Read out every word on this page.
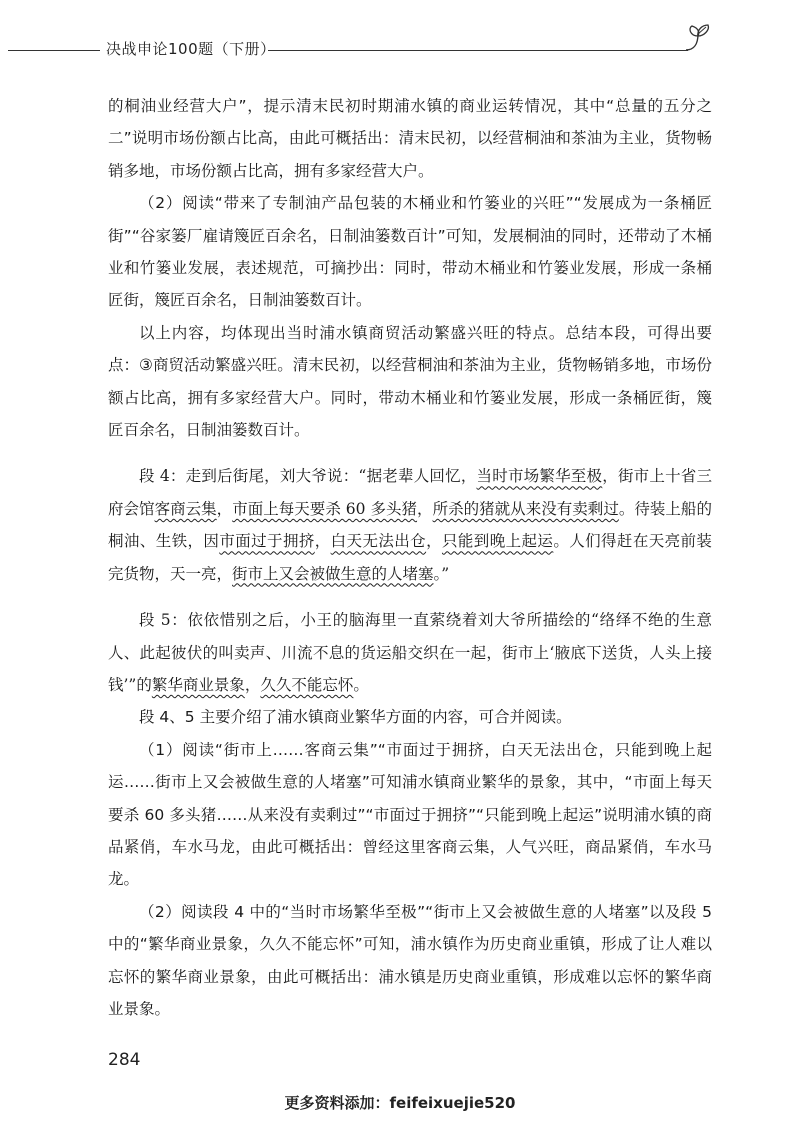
决战申论100题（下册）

的桐油业经营大户”，提示清末民初时期浦水镇的商业运转情况，其中“总量的五分之二”说明市场份额占比高，由此可概括出：清末民初，以经营桐油和茶油为主业，货物畅销多地，市场份额占比高，拥有多家经营大户。

（2）阅读“带来了专制油产品包装的木桶业和竹篓业的兴旺”“发展成为一条桶匠街”“谷家篓厂雇请篾匠百余名，日制油篓数百计”可知，发展桐油的同时，还带动了木桶业和竹篓业发展，表述规范，可摘抄出：同时，带动木桶业和竹篓业发展，形成一条桶匠街，篾匠百余名，日制油篓数百计。

以上内容，均体现出当时浦水镇商贸活动繁盛兴旺的特点。总结本段，可得出要点：③商贸活动繁盛兴旺。清末民初，以经营桐油和茶油为主业，货物畅销多地，市场份额占比高，拥有多家经营大户。同时，带动木桶业和竹篓业发展，形成一条桶匠街，篾匠百余名，日制油篓数百计。

段 4：走到后街尾，刘大爷说：“据老辈人回忆，当时市场繁华至极，街市上十省三府会馆客商云集，市面上每天要杀 60 多头猪，所杀的猪就从来没有卖剩过。待装上船的桐油、生铁，因市面过于拥挤，白天无法出仓，只能到晚上起运。人们得赶在天亮前装完货物，天一亮，街市上又会被做生意的人堵塞。”

段 5：依依惜别之后，小王的脑海里一直萦绕着刘大爷所描绘的“络绎不绝的生意人、此起彼伏的叫卖声、川流不息的货运船交织在一起，街市上‘腋底下送货，人头上接钱’”的繁华商业景象，久久不能忘怀。

段 4、5 主要介绍了浦水镇商业繁华方面的内容，可合并阅读。

（1）阅读“街市上……客商云集”“市面过于拥挤，白天无法出仓，只能到晚上起运……街市上又会被做生意的人堵塞”可知浦水镇商业繁华的景象，其中，“市面上每天要杀 60 多头猪……从来没有卖剩过”“市面过于拥挤”“只能到晚上起运”说明浦水镇的商品紧俏，车水马龙，由此可概括出：曾经这里客商云集，人气兴旺，商品紧俏，车水马龙。

（2）阅读段 4 中的“当时市场繁华至极”“街市上又会被做生意的人堵塞”以及段 5 中的“繁华商业景象，久久不能忘怀”可知，浦水镇作为历史商业重镇，形成了让人难以忘怀的繁华商业景象，由此可概括出：浦水镇是历史商业重镇，形成难以忘怀的繁华商业景象。

284
更多资料添加：feifeixuejie520
